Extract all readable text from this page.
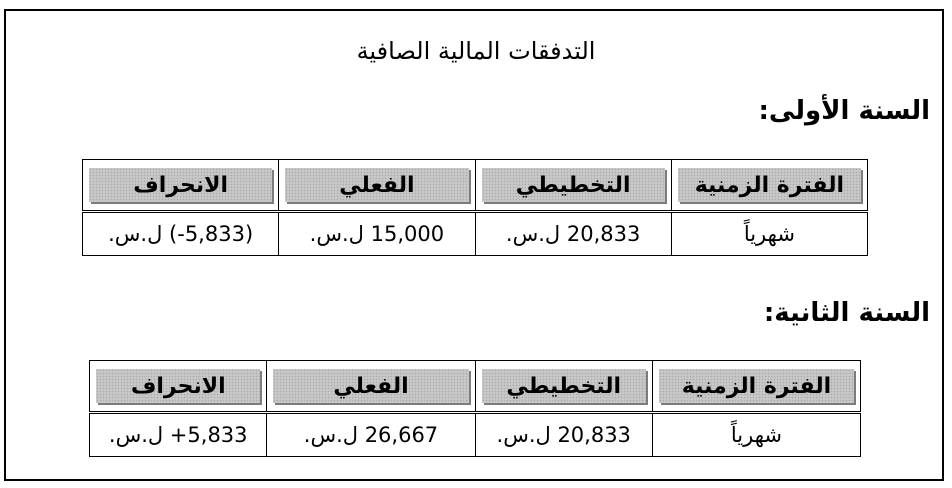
التدفقات المالية الصافية
السنة الأولى:
الفترة الزمنية	التخطيطي	الفعلي	الانحراف

شهرياً	20,833 ل.س.	15,000 ل.س.	(5,833-) ل.س.
السنة الثانية:
الفترة الزمنية	التخطيطي	الفعلي	الانحراف

شهرياً	20,833 ل.س.	26,667 ل.س.	5,833+ ل.س.
